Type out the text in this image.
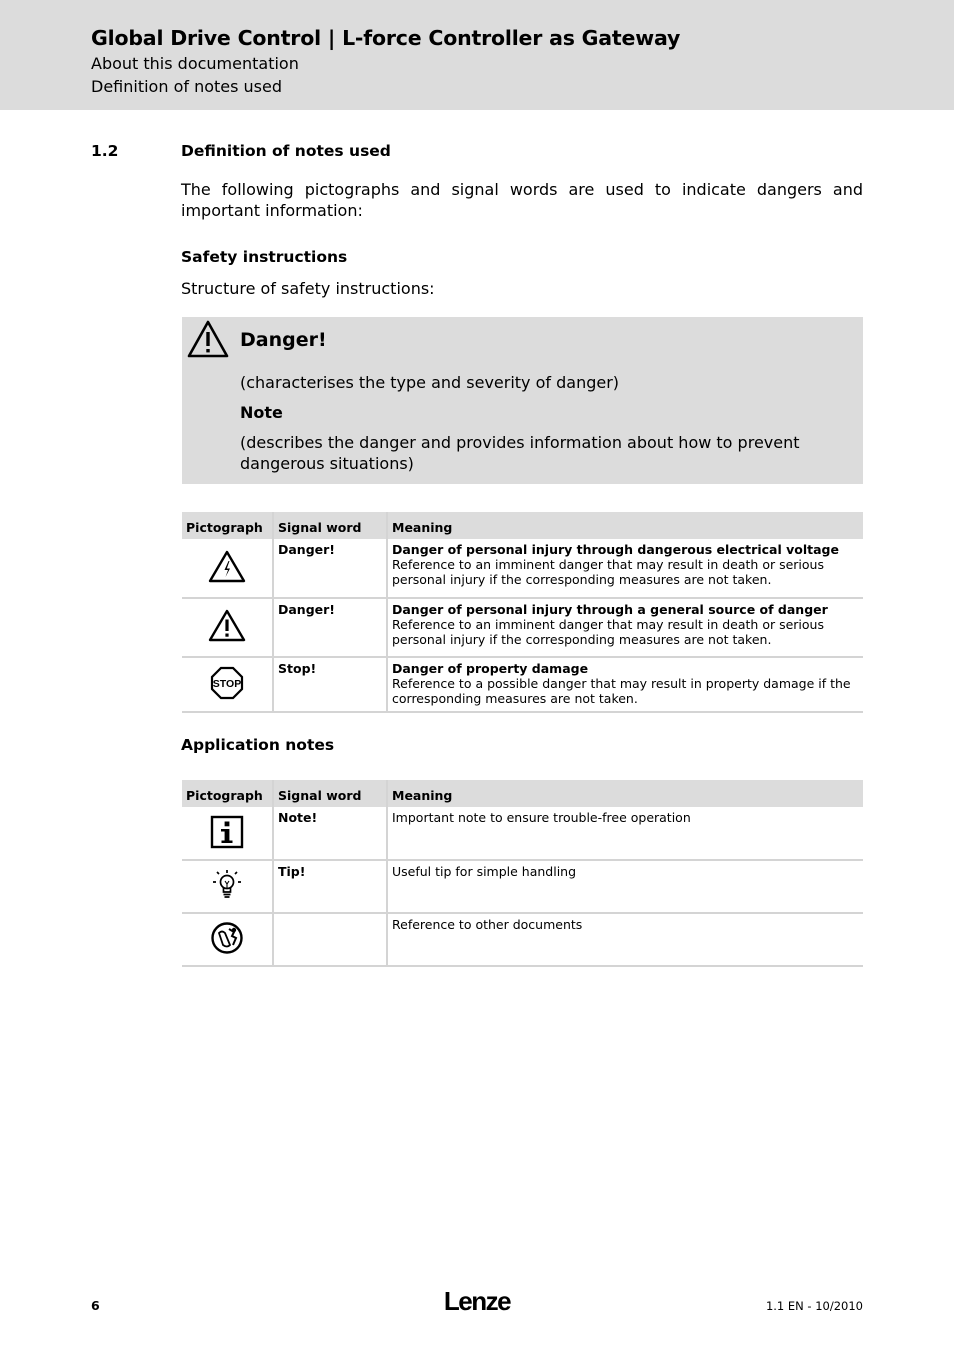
Global Drive Control | L-force Controller as Gateway
About this documentation
Definition of notes used
1.2	Definition of notes used
The following pictographs and signal words are used to indicate dangers and important information:
Safety instructions
Structure of safety instructions:
Danger!
(characterises the type and severity of danger)
Note
(describes the danger and provides information about how to prevent dangerous situations)
Pictograph	Signal word	Meaning
	Danger!	Danger of personal injury through dangerous electrical voltage
Reference to an imminent danger that may result in death or serious personal injury if the corresponding measures are not taken.
	Danger!	Danger of personal injury through a general source of danger
Reference to an imminent danger that may result in death or serious personal injury if the corresponding measures are not taken.

STOP	Stop!	Danger of property damage
Reference to a possible danger that may result in property damage if the corresponding measures are not taken.
Application notes
Pictograph	Signal word	Meaning
	Note!	Important note to ensure trouble-free operation
	Tip!	Useful tip for simple handling
		Reference to other documents
6	Lenze	1.1 EN - 10/2010
